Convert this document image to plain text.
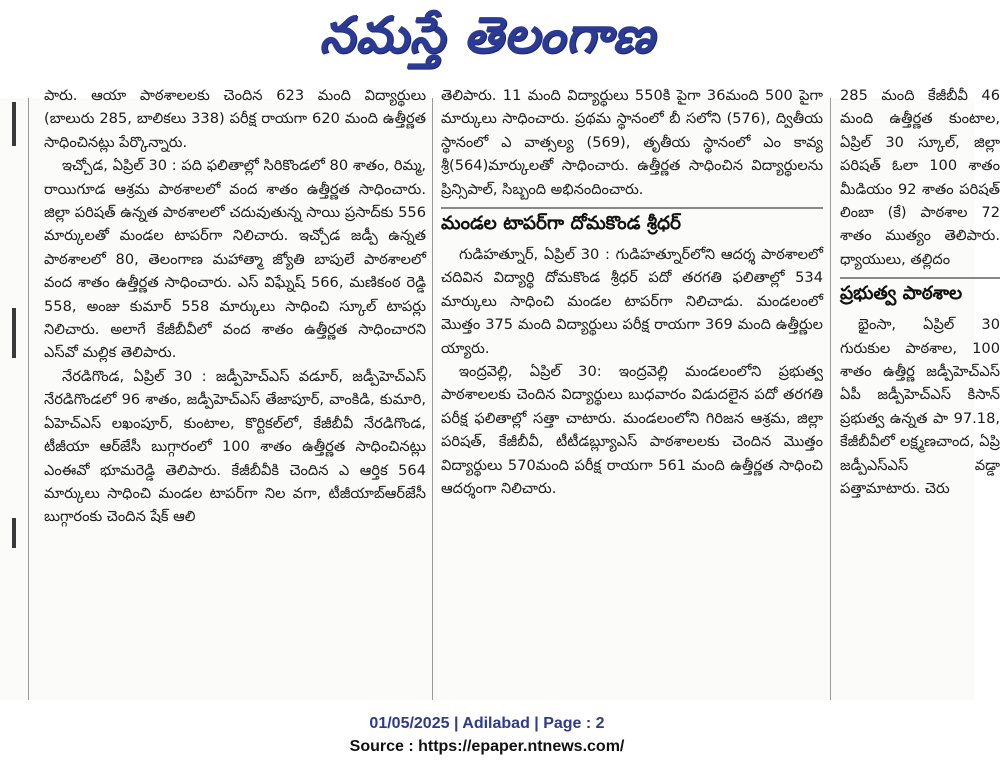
నమస్తే తెలంగాణ

పారు. ఆయా పాఠశాలలకు చెందిన 623 మంది విద్యార్థులు (బాలురు 285, బాలికలు 338) పరీక్ష రాయగా 620 మంది ఉత్తీర్ణత సాధించినట్లు పేర్కొన్నారు.

ఇచ్చోడ, ఏప్రిల్ 30 : పది ఫలితాల్లో సిరికొండలో 80 శాతం, రిమ్మ, రాయిగూడ ఆశ్రమ పాఠశాలలో వంద శాతం ఉత్తీర్ణత సాధించారు. జిల్లా పరిషత్ ఉన్నత పాఠశాలలో చదువుతున్న సాయి ప్రసాద్‌కు 556 మార్కులతో మండల టాపర్‌గా నిలిచారు. ఇచ్చోడ జడ్పీ ఉన్నత పాఠశాలలో 80, తెలంగాణ మహాత్మా జ్యోతి బాపులే పాఠశాలలో వంద శాతం ఉత్తీర్ణత సాధించారు. ఎస్ విఘ్నేష్ 566, మణికంఠ రెడ్డి 558, అంజు కుమార్ 558 మార్కులు సాధించి స్కూల్ టాపర్లు నిలిచారు. అలాగే కేజీబీవీలో వంద శాతం ఉత్తీర్ణత సాధించారని ఎస్‌వో మల్లిక తెలిపారు.

నేరడిగొండ, ఏప్రిల్ 30 : జడ్పీహెచ్ఎస్ వడూర్, జడ్పీహెచ్ఎస్ నేరడిగొండలో 96 శాతం, జడ్పీహెచ్ఎస్ తేజాపూర్, వాంకిడి, కుమారి, ఏహెచ్ఎస్ లఖంపూర్, కుంటాల, కొర్టికల్‌లో, కేజీబీవీ నేరడిగొండ, టీజీయా ఆర్‌జేసీ బుగ్గారంలో 100 శాతం ఉత్తీర్ణత సాధించినట్లు ఎంఈవో భూమరెడ్డి తెలిపారు. కేజీబీవీకి చెందిన ఎ ఆర్తిక 564 మార్కులు సాధించి మండల టాపర్‌గా నిల వగా, టీజీయాబ్ఆర్‌జేసీ బుగ్గారంకు చెందిన షేక్ ఆలి

తెలిపారు. 11 మంది విద్యార్థులు 550కి పైగా 36మంది 500 పైగా మార్కులు సాధించారు. ప్రథమ స్థానంలో బీ సలోని (576), ద్వితీయ స్థానంలో ఎ వాత్సల్య (569), తృతీయ స్థానంలో ఎం కావ్య శ్రీ(564)మార్కులతో సాధించారు. ఉత్తీర్ణత సాధించిన విద్యార్థులను ప్రిన్సిపాల్, సిబ్బంది అభినందించారు.

మండల టాపర్‌గా దోమకొండ శ్రీధర్

గుడిహత్నూర్, ఏప్రిల్ 30 : గుడిహత్నూర్‌లోని ఆదర్శ పాఠశాలలో చదివిన విద్యార్థి దోమకొండ శ్రీధర్ పదో తరగతి ఫలితాల్లో 534 మార్కులు సాధించి మండల టాపర్‌గా నిలిచాడు. మండలంలో మొత్తం 375 మంది విద్యార్థులు పరీక్ష రాయగా 369 మంది ఉత్తీర్ణుల య్యారు.

ఇంద్రవెల్లి, ఏప్రిల్ 30: ఇంద్రవెల్లి మండలంలోని ప్రభుత్వ పాఠశాలలకు చెందిన విద్యార్థులు బుధవారం విడుదలైన పదో తరగతి పరీక్ష ఫలితాల్లో సత్తా చాటారు. మండలంలోని గిరిజన ఆశ్రమ, జిల్లా పరిషత్, కేజీబీవీ, టీటీడబ్ల్యూఎస్ పాఠశాలలకు చెందిన మొత్తం విద్యార్థులు 570మంది పరీక్ష రాయగా 561 మంది ఉత్తీర్ణత సాధించి ఆదర్శంగా నిలిచారు.

285 మంది కేజీబీవీ 46 మంది ఉత్తీర్ణత కుంటాల, ఏప్రిల్ 30 స్కూల్, జిల్లా పరిషత్ ఓలా 100 శాతం మీడియం 92 శాతం పరిషత్ లింబా (కే) పాఠశాల 72 శాతం ముత్యం తెలిపారు. ధ్యాయులు, తల్లిదం

ప్రభుత్వ పాఠశాల

భైంసా, ఏప్రిల్ 30 గురుకుల పాఠశాల, 100 శాతం ఉత్తీర్ణ జడ్పీహెచ్ఎస్ ఏపీ జడ్పీహెచ్ఎస్ కిసాన్ ప్రభుత్వ ఉన్నత పా 97.18, కేజీబీవీలో లక్ష్మణచాంద, ఏప్రి జడ్పీఎస్ఎస్ వడ్డా పత్తామాటారు. చెరు

01/05/2025 | Adilabad | Page : 2
Source : https://epaper.ntnews.com/
